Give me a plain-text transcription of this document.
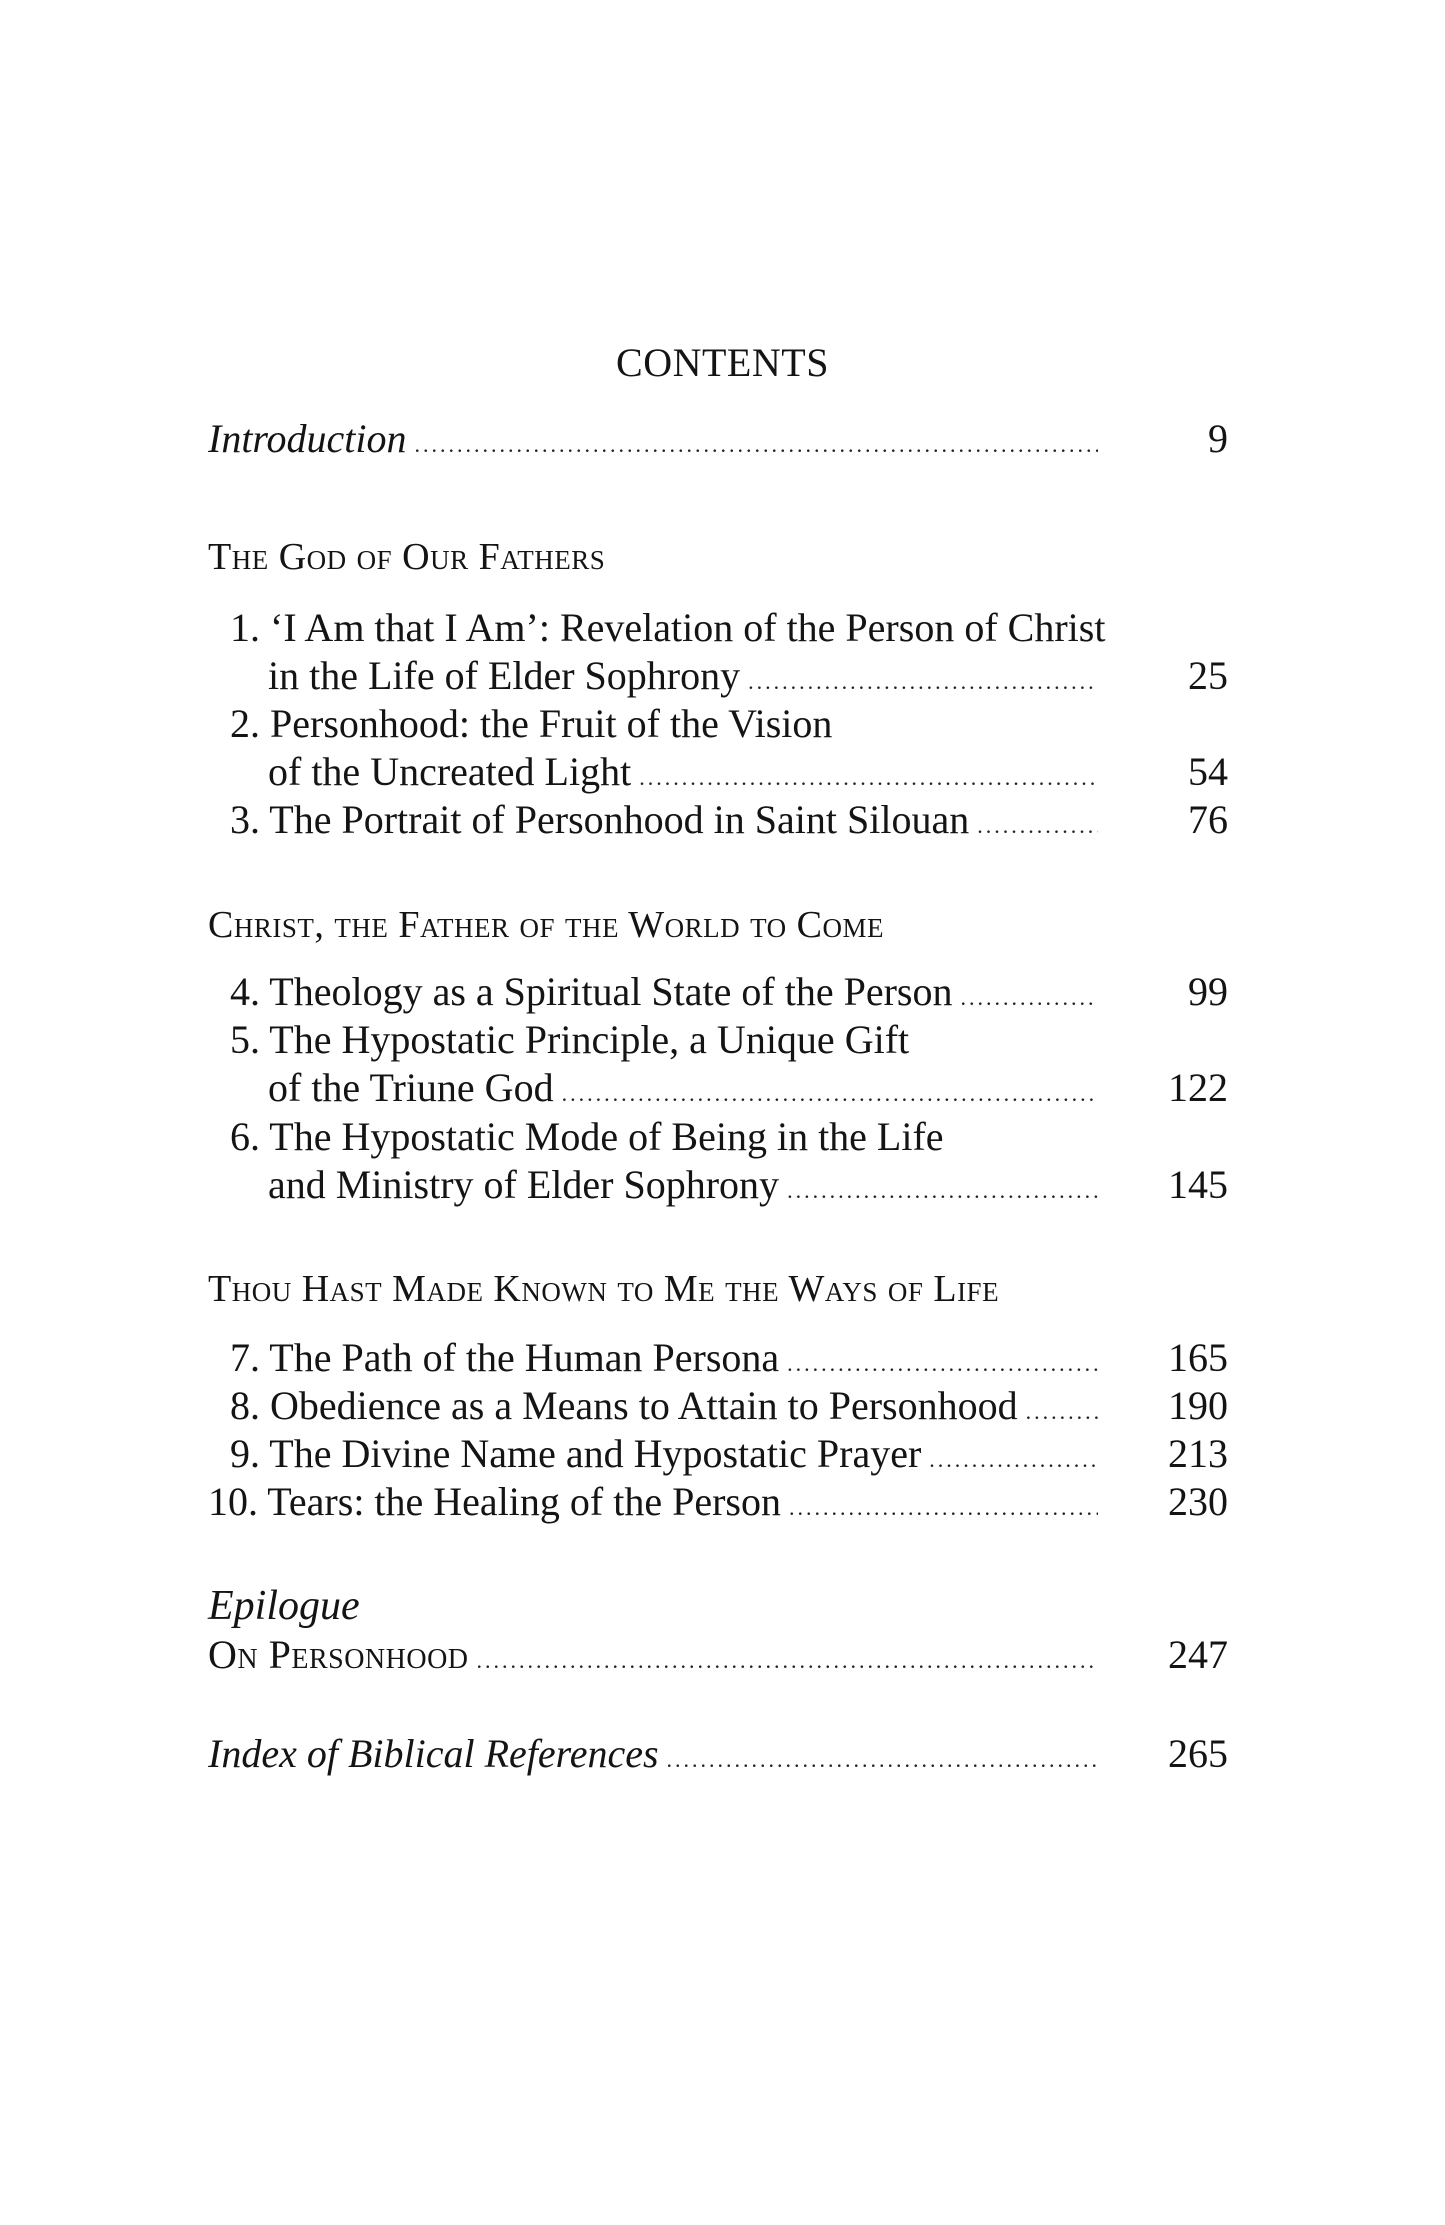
CONTENTS
Introduction .....	9
The God of Our Fathers
1. ‘I Am that I Am’: Revelation of the Person of Christ
in the Life of Elder Sophrony .....	25
2. Personhood: the Fruit of the Vision
of the Uncreated Light .....	54
3. The Portrait of Personhood in Saint Silouan .....	76
Christ, the Father of the World to Come
4. Theology as a Spiritual State of the Person .....	99
5. The Hypostatic Principle, a Unique Gift
of the Triune God .....	122
6. The Hypostatic Mode of Being in the Life
and Ministry of Elder Sophrony .....	145
Thou Hast Made Known to Me the Ways of Life
7. The Path of the Human Persona .....	165
8. Obedience as a Means to Attain to Personhood .....	190
9. The Divine Name and Hypostatic Prayer .....	213
10. Tears: the Healing of the Person .....	230
Epilogue
On Personhood .....	247
Index of Biblical References .....	265
